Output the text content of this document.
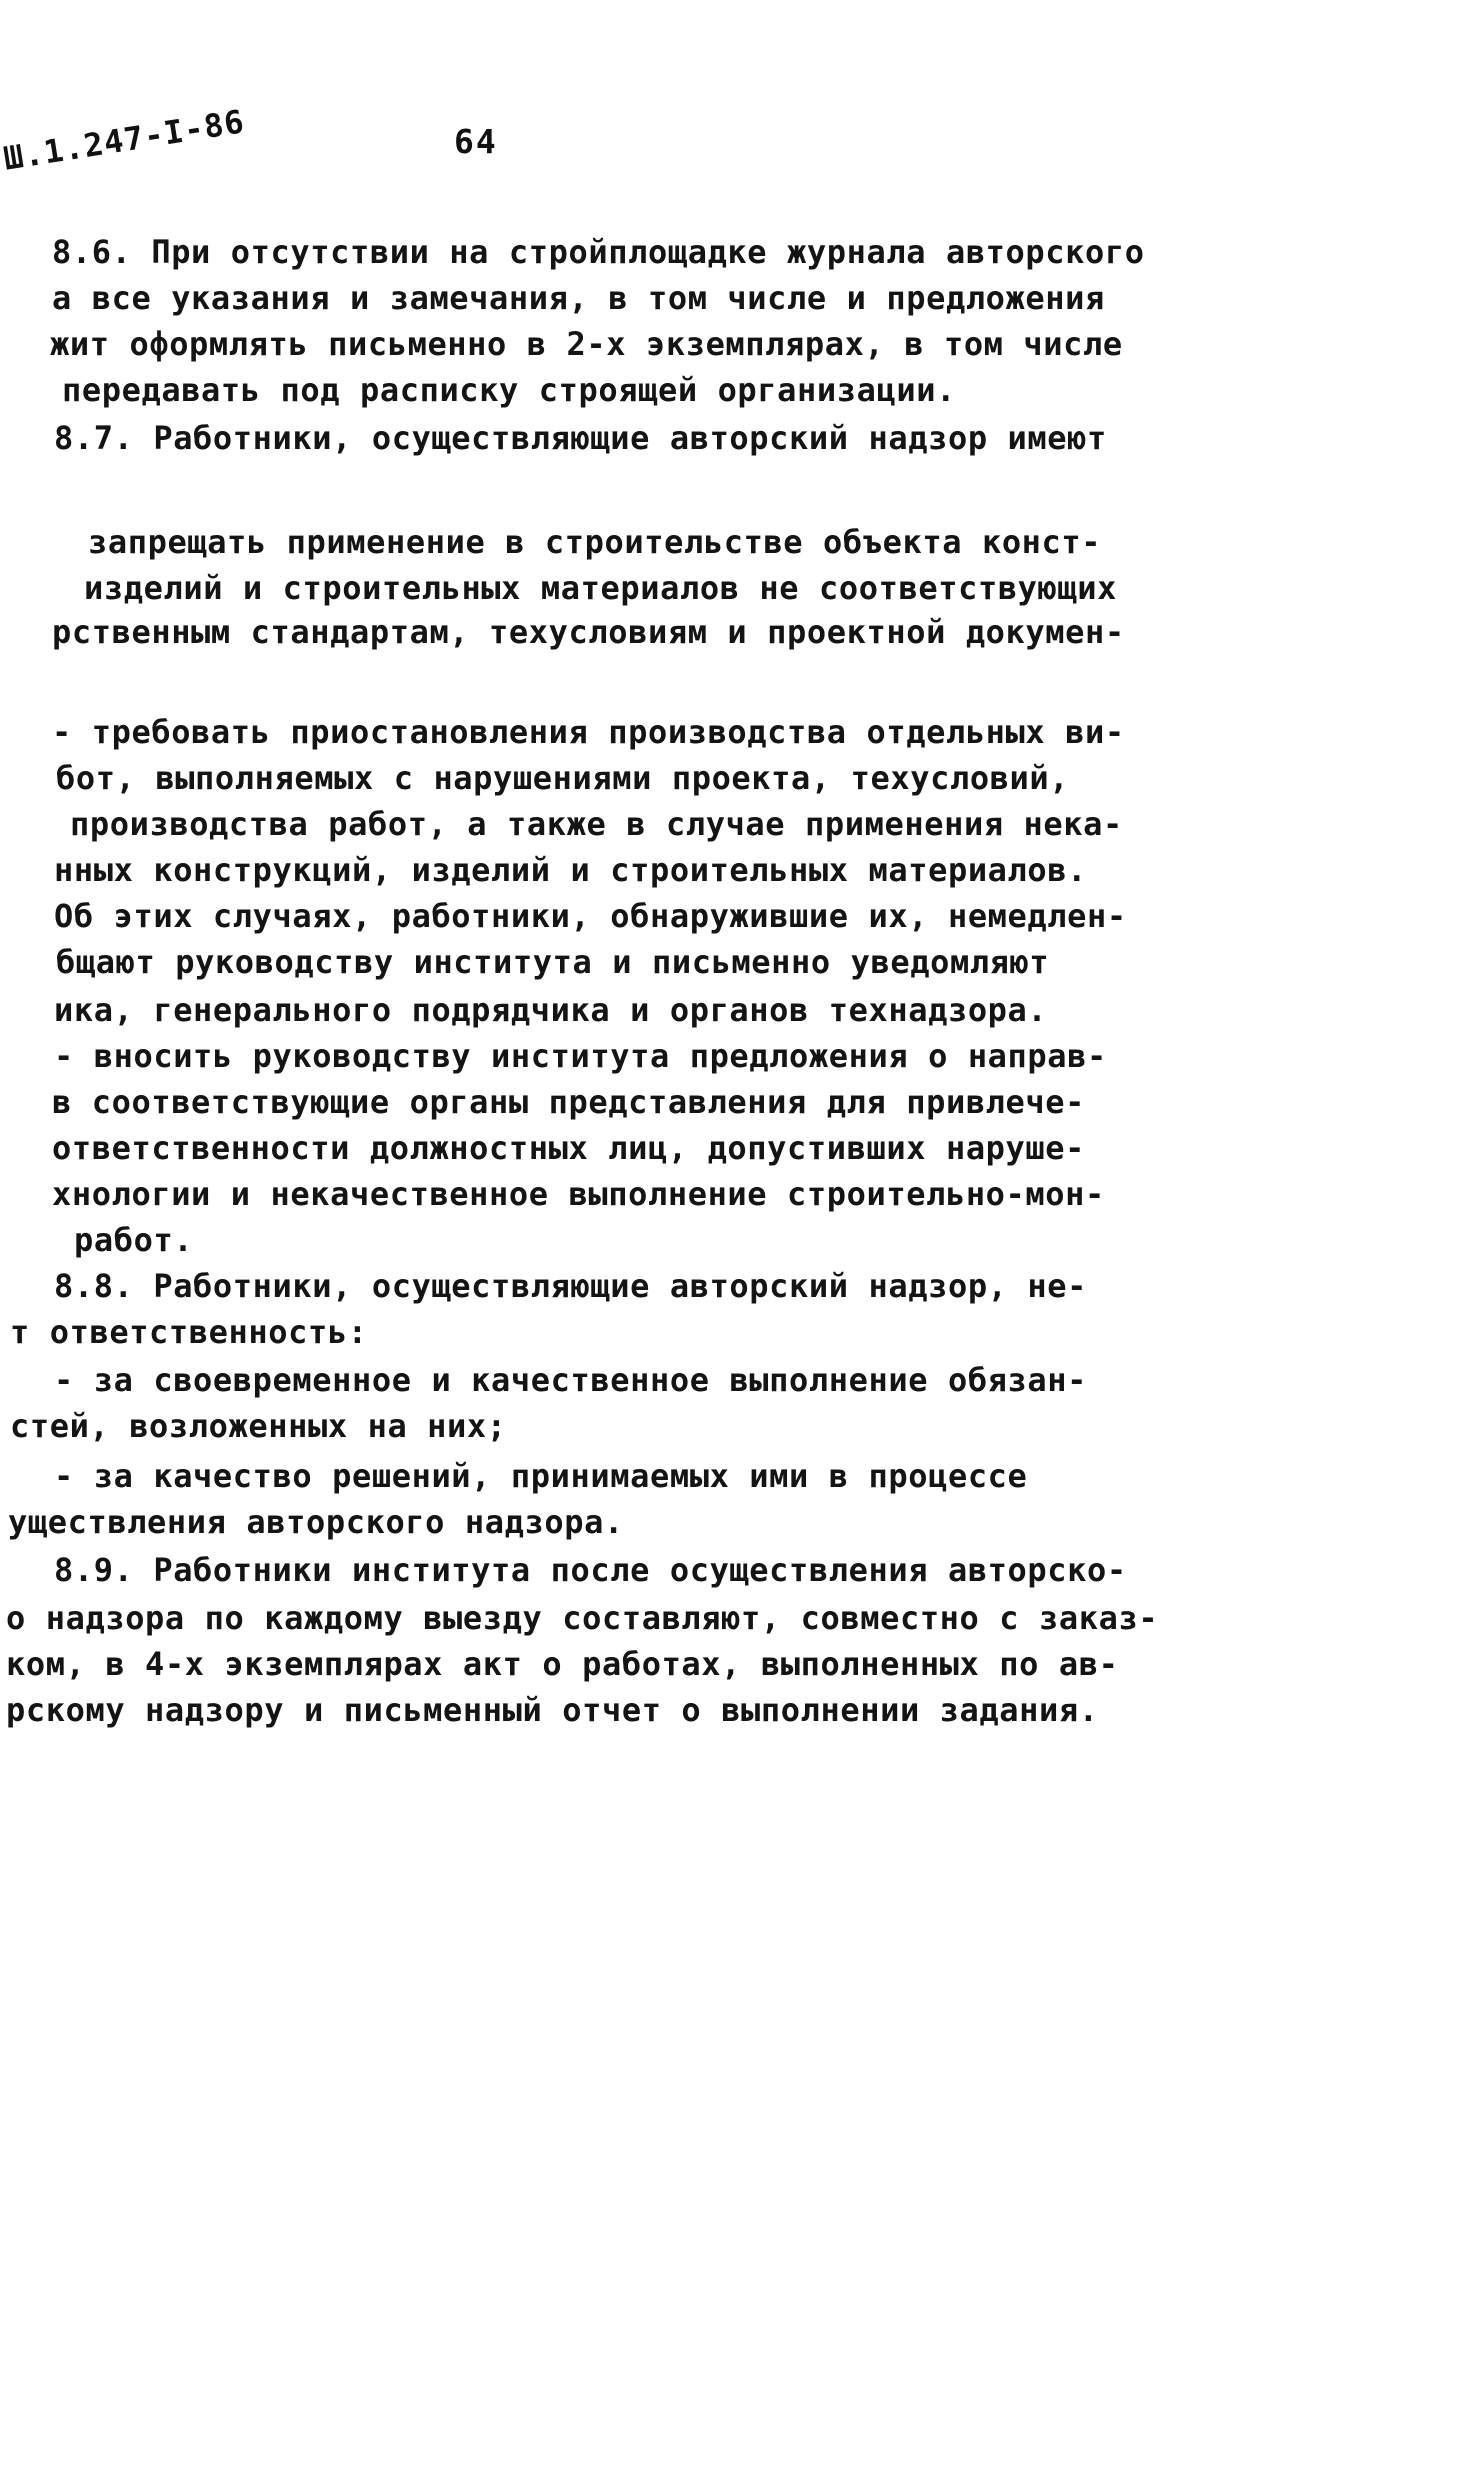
Ш.1.247-I-86	64
8.6. При отсутствии на стройплощадке журнала авторского
а все указания и замечания, в том числе и предложения
жит оформлять письменно в 2-х экземплярах, в том числе
передавать под расписку строящей организации.
8.7. Работники, осуществляющие авторский надзор имеют
запрещать применение в строительстве объекта конст-
изделий и строительных материалов не соответствующих
рственным стандартам, техусловиям и проектной докумен-
- требовать приостановления производства отдельных ви-
бот, выполняемых с нарушениями проекта, техусловий,
производства работ, а также в случае применения нека-
нных конструкций, изделий и строительных материалов.
Об этих случаях, работники, обнаружившие их, немедлен-
бщают руководству института и письменно уведомляют
ика, генерального подрядчика и органов технадзора.
- вносить руководству института предложения о направ-
в соответствующие органы представления для привлече-
ответственности должностных лиц, допустивших наруше-
хнологии и некачественное выполнение строительно-мон-
работ.
8.8. Работники, осуществляющие авторский надзор, не-
т ответственность:
- за своевременное и качественное выполнение обязан-
стей, возложенных на них;
- за качество решений, принимаемых ими в процессе
уществления авторского надзора.
8.9. Работники института после осуществления авторско-
о надзора по каждому выезду составляют, совместно с заказ-
ком, в 4-х экземплярах акт о работах, выполненных по ав-
рскому надзору и письменный отчет о выполнении задания.
